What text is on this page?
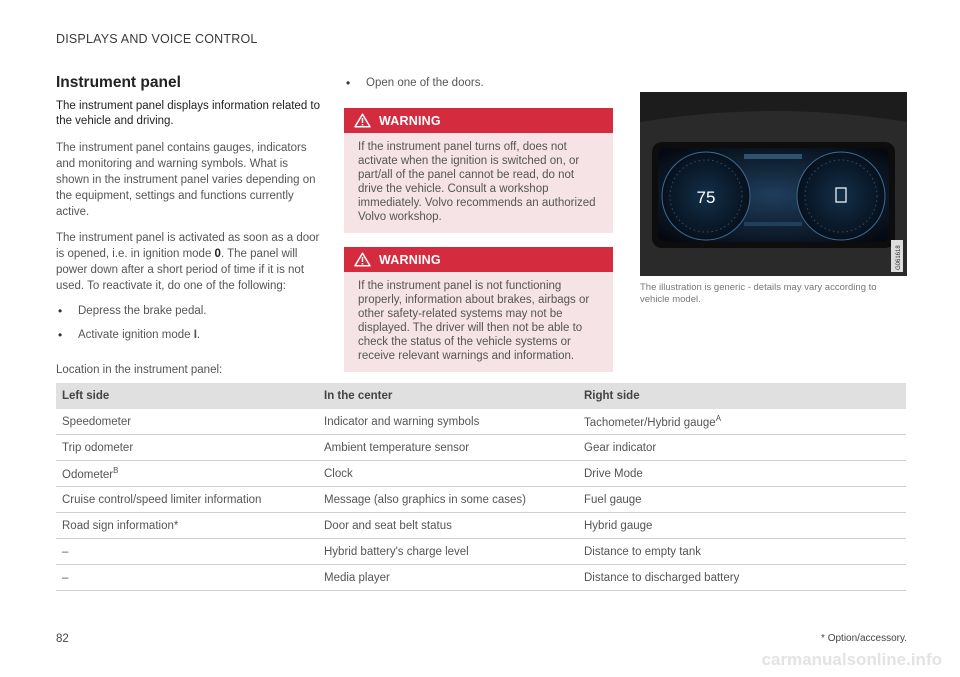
DISPLAYS AND VOICE CONTROL
Instrument panel

The instrument panel displays information related to the vehicle and driving.

The instrument panel contains gauges, indicators and monitoring and warning symbols. What is shown in the instrument panel varies depending on the equipment, settings and functions currently active.

The instrument panel is activated as soon as a door is opened, i.e. in ignition mode 0. The panel will power down after a short period of time if it is not used. To reactivate it, do one of the following:

• Depress the brake pedal.
• Activate ignition mode I.
• Open one of the doors.
WARNING
If the instrument panel turns off, does not activate when the ignition is switched on, or part/all of the panel cannot be read, do not drive the vehicle. Consult a workshop immediately. Volvo recommends an authorized Volvo workshop.
WARNING
If the instrument panel is not functioning properly, information about brakes, airbags or other safety-related systems may not be displayed. The driver will then not be able to check the status of the vehicle systems or receive relevant warnings and information.
75
G061618
The illustration is generic - details may vary according to vehicle model.
Location in the instrument panel:
Left side	In the center	Right side
Speedometer	Indicator and warning symbols	Tachometer/Hybrid gauge$^A$
Trip odometer	Ambient temperature sensor	Gear indicator
Odometer$^B$	Clock	Drive Mode
Cruise control/speed limiter information	Message (also graphics in some cases)	Fuel gauge
Road sign information*	Door and seat belt status	Hybrid gauge
–	Hybrid battery's charge level	Distance to empty tank
–	Media player	Distance to discharged battery
82	* Option/accessory.
carmanualsonline.info
